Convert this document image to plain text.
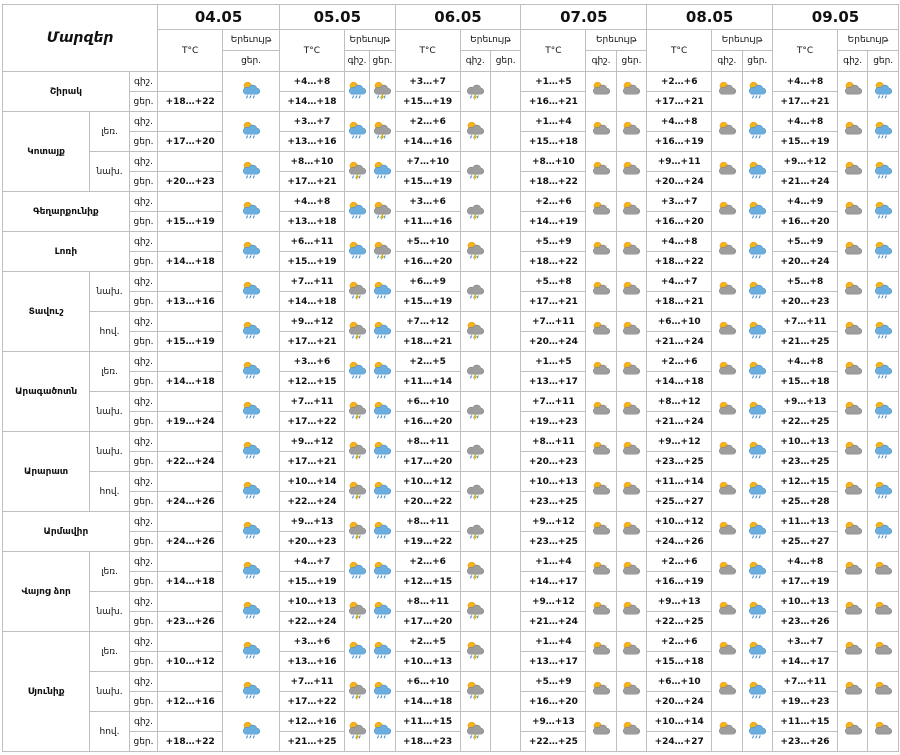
Մարզեր			04.05		05.05			06.05			07.05			08.05			09.05		
			T°C	Երեւույթ	T°C	Երեւույթ		T°C	Երեւույթ		T°C	Երեւույթ		T°C	Երեւույթ		T°C	Երեւույթ	
				ցեր.		գիշ.	ցեր.		գիշ.	ցեր.		գիշ.	ցեր.		գիշ.	ցեր.		գիշ.	ցեր.
Շիրակ		գիշ.			+4…+8			+3…+7			+1…+5			+2…+6			+4…+8	

		ցեր.	+18…+22		+14…+18			+15…+19			+16…+21			+17…+21			+17…+21		
Կոտայք	լեռ.	գիշ.			+3…+7			+2…+6			+1…+4			+4…+8			+4…+8	

		ցեր.	+17…+20		+13…+16			+14…+16			+15…+18			+16…+19			+15…+19		
	նախ.	գիշ.			+8…+10			+7…+10			+8…+10			+9…+11			+9…+12	

		ցեր.	+20…+23		+17…+21			+15…+19			+18…+22			+20…+24			+21…+24		
Գեղարքունիք		գիշ.			+4…+8			+3…+6			+2…+6			+3…+7			+4…+9	

		ցեր.	+15…+19		+13…+18			+11…+16			+14…+19			+16…+20			+16…+20		
Լոռի		գիշ.			+6…+11			+5…+10			+5…+9			+4…+8			+5…+9	

		ցեր.	+14…+18		+15…+19			+16…+20			+18…+22			+18…+22			+20…+24		
Տավուշ	նախ.	գիշ.			+7…+11			+6…+9			+5…+8			+4…+7			+5…+8	

		ցեր.	+13…+16		+14…+18			+15…+19			+17…+21			+18…+21			+20…+23		
	հով.	գիշ.			+9…+12			+7…+12			+7…+11			+6…+10			+7…+11	

		ցեր.	+15…+19		+17…+21			+18…+21			+20…+24			+21…+24			+21…+25		
Արագածոտն	լեռ.	գիշ.			+3…+6			+2…+5			+1…+5			+2…+6			+4…+8	

		ցեր.	+14…+18		+12…+15			+11…+14			+13…+17			+14…+18			+15…+18		
	նախ.	գիշ.			+7…+11			+6…+10			+7…+11			+8…+12			+9…+13	

		ցեր.	+19…+24		+17…+22			+16…+20			+19…+23			+21…+24			+22…+25		
Արարատ	նախ.	գիշ.			+9…+12			+8…+11			+8…+11			+9…+12			+10…+13	

		ցեր.	+22…+24		+17…+21			+17…+20			+20…+23			+23…+25			+23…+25		
	հով.	գիշ.			+10…+14			+10…+12			+10…+13			+11…+14			+12…+15	

		ցեր.	+24…+26		+22…+24			+20…+22			+23…+25			+25…+27			+25…+28		
Արմավիր		գիշ.			+9…+13			+8…+11			+9…+12			+10…+12			+11…+13	

		ցեր.	+24…+26		+20…+23			+19…+22			+23…+25			+24…+26			+25…+27		
Վայոց ձոր	լեռ.	գիշ.			+4…+7			+2…+6			+1…+4			+2…+6			+4…+8	

		ցեր.	+14…+18		+15…+19			+12…+15			+14…+17			+16…+19			+17…+19		
	նախ.	գիշ.			+10…+13			+8…+11			+9…+12			+9…+13			+10…+13	

		ցեր.	+23…+26		+22…+24			+17…+20			+21…+24			+22…+25			+23…+26		
Սյունիք	լեռ.	գիշ.			+3…+6			+2…+5			+1…+4			+2…+6			+3…+7	

		ցեր.	+10…+12		+13…+16			+10…+13			+13…+17			+15…+18			+14…+17		
	նախ.	գիշ.			+7…+11			+6…+10			+5…+9			+6…+10			+7…+11	

		ցեր.	+12…+16		+17…+22			+14…+18			+16…+20			+20…+24			+19…+23		
	հով.	գիշ.			+12…+16			+11…+15			+9…+13			+10…+14			+11…+15	

		ցեր.	+18…+22		+21…+25			+18…+23			+22…+25			+24…+27			+23…+26		
